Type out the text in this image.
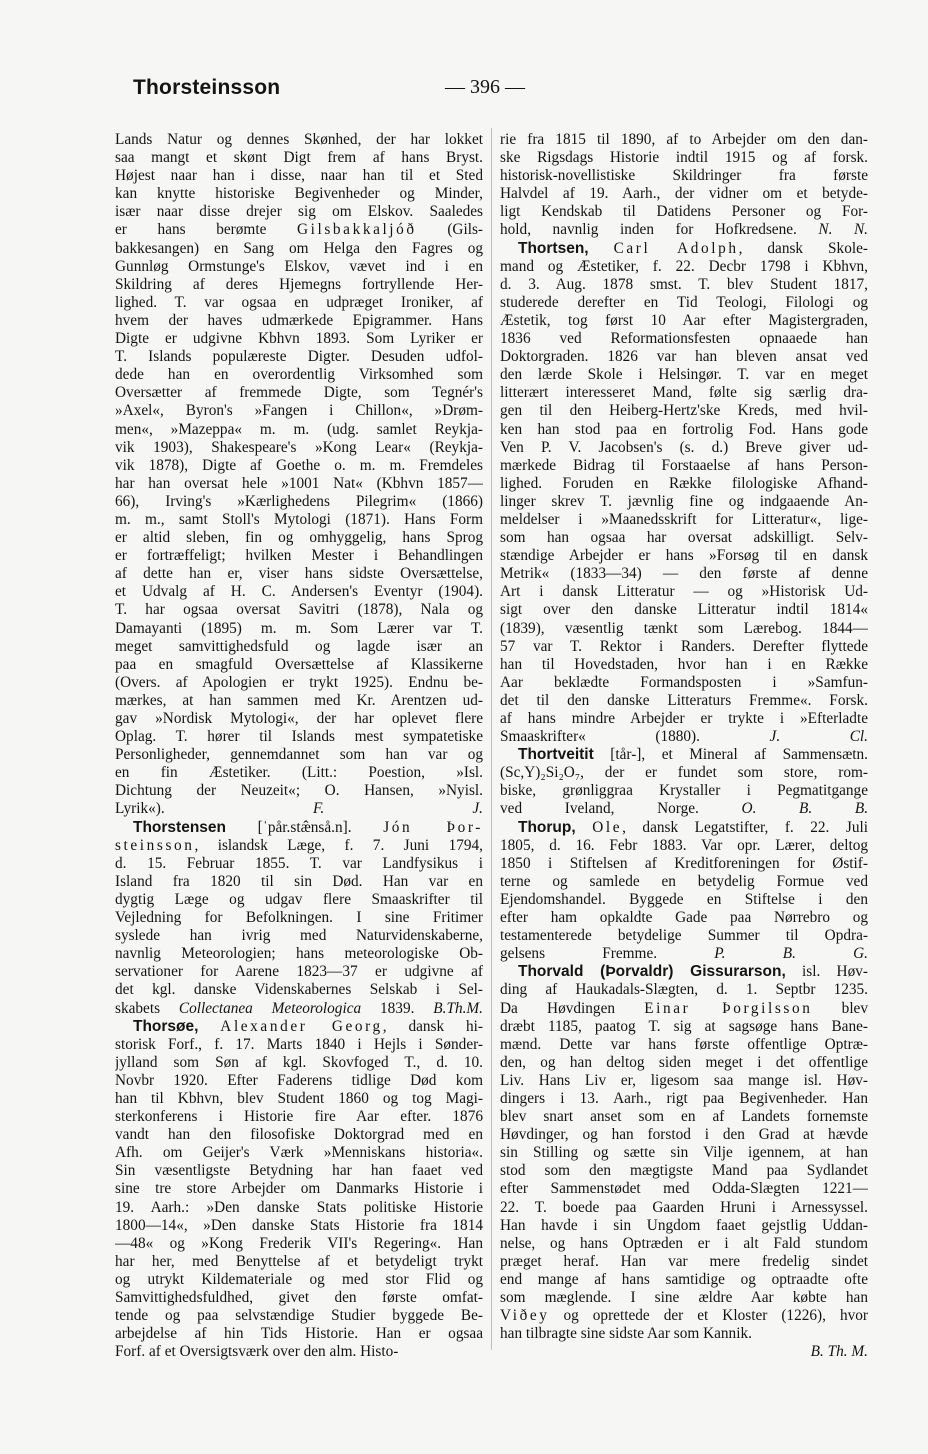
Thorsteinsson	— 396 —
Lands Natur og dennes Skønhed, der har lokket
saa mangt et skønt Digt frem af hans Bryst.
Højest naar han i disse, naar han til et Sted
kan knytte historiske Begivenheder og Minder,
især naar disse drejer sig om Elskov. Saaledes
er hans berømte Gilsbakkaljóð (Gils-
bakkesangen) en Sang om Helga den Fagres og
Gunnløg Ormstunge's Elskov, vævet ind i en
Skildring af deres Hjemegns fortryllende Her-
lighed. T. var ogsaa en udpræget Ironiker, af
hvem der haves udmærkede Epigrammer. Hans
Digte er udgivne Kbhvn 1893. Som Lyriker er
T. Islands populæreste Digter. Desuden udfol-
dede han en overordentlig Virksomhed som
Oversætter af fremmede Digte, som Tegnér's
»Axel«, Byron's »Fangen i Chillon«, »Drøm-
men«, »Mazeppa« m. m. (udg. samlet Reykja-
vik 1903), Shakespeare's »Kong Lear« (Reykja-
vik 1878), Digte af Goethe o. m. m. Fremdeles
har han oversat hele »1001 Nat« (Kbhvn 1857—
66), Irving's »Kærlighedens Pilegrim« (1866)
m. m., samt Stoll's Mytologi (1871). Hans Form
er altid sleben, fin og omhyggelig, hans Sprog
er fortræffeligt; hvilken Mester i Behandlingen
af dette han er, viser hans sidste Oversættelse,
et Udvalg af H. C. Andersen's Eventyr (1904).
T. har ogsaa oversat Savitri (1878), Nala og
Damayanti (1895) m. m. Som Lærer var T.
meget samvittighedsfuld og lagde især an
paa en smagfuld Oversættelse af Klassikerne
(Overs. af Apologien er trykt 1925). Endnu be-
mærkes, at han sammen med Kr. Arentzen ud-
gav »Nordisk Mytologi«, der har oplevet flere
Oplag. T. hører til Islands mest sympatetiske
Personligheder, gennemdannet som han var og
en fin Æstetiker. (Litt.: Poestion, »Isl.
Dichtung der Neuzeit«; O. Hansen, »Nyisl.
Lyrik«).	F. J.
Thorstensen [ˈpår.stæ̂nså.n]. Jón Þor-
steinsson, islandsk Læge, f. 7. Juni 1794,
d. 15. Februar 1855. T. var Landfysikus i
Island fra 1820 til sin Død. Han var en
dygtig Læge og udgav flere Smaaskrifter til
Vejledning for Befolkningen. I sine Fritimer
syslede han ivrig med Naturvidenskaberne,
navnlig Meteorologien; hans meteorologiske Ob-
servationer for Aarene 1823—37 er udgivne af
det kgl. danske Videnskabernes Selskab i Sel-
skabets Collectanea Meteorologica 1839. B.Th.M.
Thorsøe, Alexander Georg, dansk hi-
storisk Forf., f. 17. Marts 1840 i Hejls i Sønder-
jylland som Søn af kgl. Skovfoged T., d. 10.
Novbr 1920. Efter Faderens tidlige Død kom
han til Kbhvn, blev Student 1860 og tog Magi-
sterkonferens i Historie fire Aar efter. 1876
vandt han den filosofiske Doktorgrad med en
Afh. om Geijer's Værk »Menniskans historia«.
Sin væsentligste Betydning har han faaet ved
sine tre store Arbejder om Danmarks Historie i
19. Aarh.: »Den danske Stats politiske Historie
1800—14«, »Den danske Stats Historie fra 1814
—48« og »Kong Frederik VII's Regering«. Han
har her, med Benyttelse af et betydeligt trykt
og utrykt Kildemateriale og med stor Flid og
Samvittighedsfuldhed, givet den første omfat-
tende og paa selvstændige Studier byggede Be-
arbejdelse af hin Tids Historie. Han er ogsaa
Forf. af et Oversigtsværk over den alm. Histo-
rie fra 1815 til 1890, af to Arbejder om den dan-
ske Rigsdags Historie indtil 1915 og af forsk.
historisk-novellistiske Skildringer fra første
Halvdel af 19. Aarh., der vidner om et betyde-
ligt Kendskab til Datidens Personer og For-
hold, navnlig inden for Hofkredsene. N. N.
Thortsen, Carl Adolph, dansk Skole-
mand og Æstetiker, f. 22. Decbr 1798 i Kbhvn,
d. 3. Aug. 1878 smst. T. blev Student 1817,
studerede derefter en Tid Teologi, Filologi og
Æstetik, tog først 10 Aar efter Magistergraden,
1836 ved Reformationsfesten opnaaede han
Doktorgraden. 1826 var han bleven ansat ved
den lærde Skole i Helsingør. T. var en meget
litterært interesseret Mand, følte sig særlig dra-
gen til den Heiberg-Hertz'ske Kreds, med hvil-
ken han stod paa en fortrolig Fod. Hans gode
Ven P. V. Jacobsen's (s. d.) Breve giver ud-
mærkede Bidrag til Forstaaelse af hans Person-
lighed. Foruden en Række filologiske Afhand-
linger skrev T. jævnlig fine og indgaaende An-
meldelser i »Maanedsskrift for Litteratur«, lige-
som han ogsaa har oversat adskilligt. Selv-
stændige Arbejder er hans »Forsøg til en dansk
Metrik« (1833—34) — den første af denne
Art i dansk Litteratur — og »Historisk Ud-
sigt over den danske Litteratur indtil 1814«
(1839), væsentlig tænkt som Lærebog. 1844—
57 var T. Rektor i Randers. Derefter flyttede
han til Hovedstaden, hvor han i en Række
Aar beklædte Formandsposten i »Samfun-
det til den danske Litteraturs Fremme«. Forsk.
af hans mindre Arbejder er trykte i »Efterladte
Smaaskrifter« (1880).	J. Cl.
Thortveitit [tår-], et Mineral af Sammensætn.
(Sc,Y)₂Si₂O₇, der er fundet som store, rom-
biske, grønliggraa Krystaller i Pegmatitgange
ved Iveland, Norge.	O. B. B.
Thorup, Ole, dansk Legatstifter, f. 22. Juli
1805, d. 16. Febr 1883. Var opr. Lærer, deltog
1850 i Stiftelsen af Kreditforeningen for Østif-
terne og samlede en betydelig Formue ved
Ejendomshandel. Byggede en Stiftelse i den
efter ham opkaldte Gade paa Nørrebro og
testamenterede betydelige Summer til Opdra-
gelsens Fremme.	P. B. G.
Thorvald (Þorvaldr) Gissurarson, isl. Høv-
ding af Haukadals-Slægten, d. 1. Septbr 1235.
Da Høvdingen Einar Þorgilsson blev
dræbt 1185, paatog T. sig at sagsøge hans Bane-
mænd. Dette var hans første offentlige Optræ-
den, og han deltog siden meget i det offentlige
Liv. Hans Liv er, ligesom saa mange isl. Høv-
dingers i 13. Aarh., rigt paa Begivenheder. Han
blev snart anset som en af Landets fornemste
Høvdinger, og han forstod i den Grad at hævde
sin Stilling og sætte sin Vilje igennem, at han
stod som den mægtigste Mand paa Sydlandet
efter Sammenstødet med Odda-Slægten 1221—
22. T. boede paa Gaarden Hruni i Arnessyssel.
Han havde i sin Ungdom faaet gejstlig Uddan-
nelse, og hans Optræden er i alt Fald stundom
præget heraf. Han var mere fredelig sindet
end mange af hans samtidige og optraadte ofte
som mæglende. I sine ældre Aar købte han
Viðey og oprettede der et Kloster (1226), hvor
han tilbragte sine sidste Aar som Kannik.
B. Th. M.
